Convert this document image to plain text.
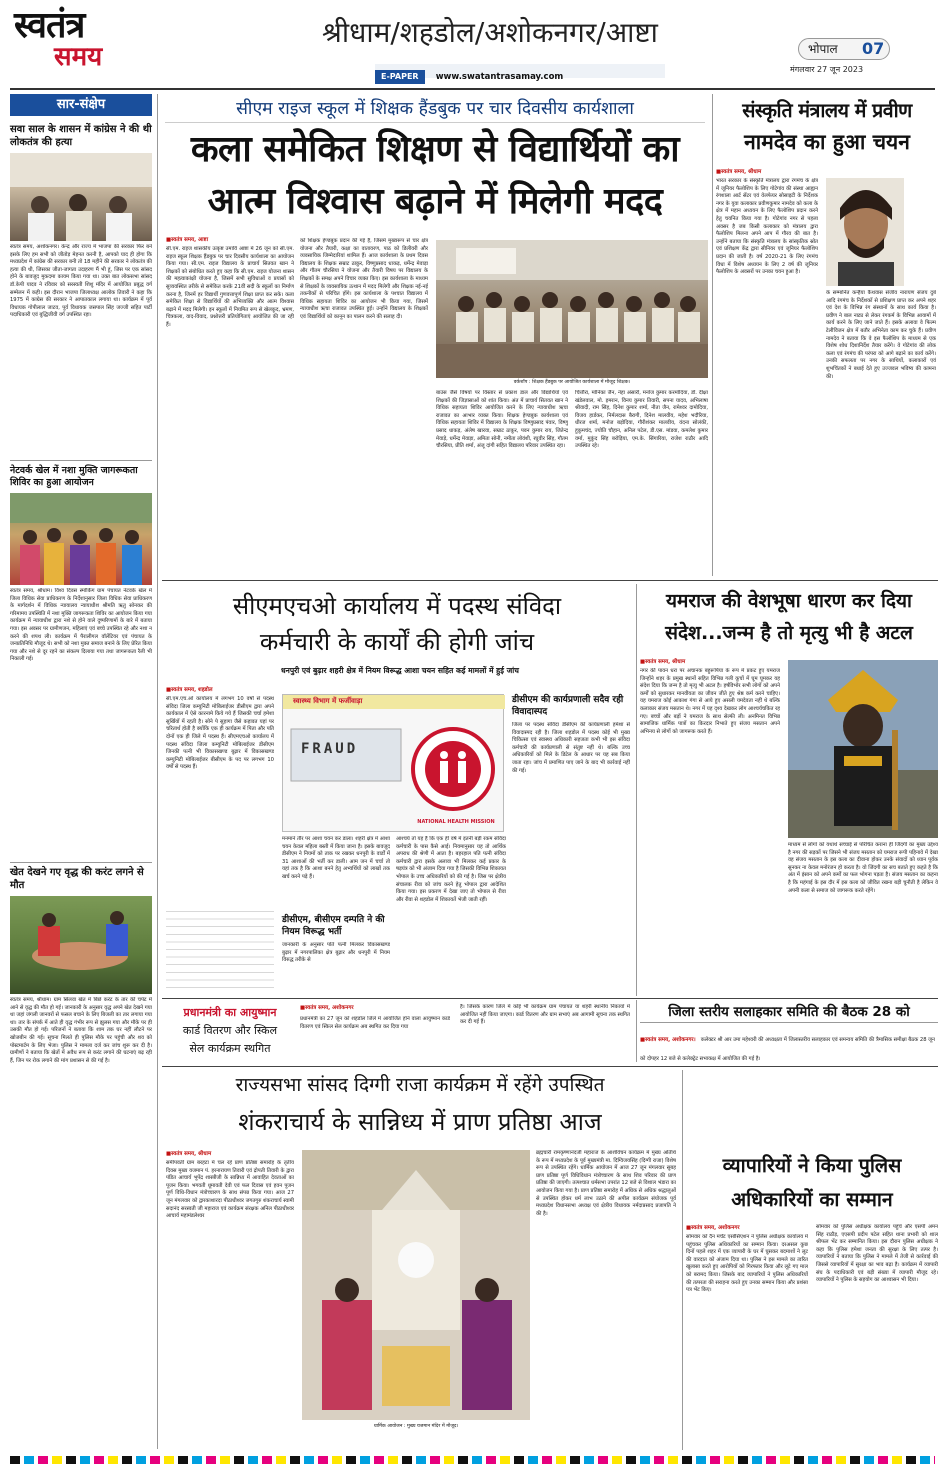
स्वतंत्र
समय
श्रीधाम/शहडोल/अशोकनगर/आष्टा
E-PAPER www.swatantrasamay.com
भोपाल 07
मंगलवार 27 जून 2023
सार-संक्षेप
सवा साल के शासन में कांग्रेस ने की थी लोकतंत्र की हत्या
स्वतंत्र समय, अशोकनगर। केन्द्र और राज्य में भाजपा की सरकार फिर बने इसके लिए हम सभी को जीतोड़ मेहनत करनी है, आपको याद ही होगा कि मध्यप्रदेश में कांग्रेस की सरकार बनी तो 18 महीने की सरकार ने लोकतंत्र की हत्या की थी, जिसका जीता-जागता उदाहरण मैं भी हूं, जिस पर एक सांसद होने के बावजूद मुकदमा कायम किया गया था। उक्त बात लोकसभा सांसद डॉ.केपी यादव ने रविवार को सरस्वती शिशु मंदिर में आयोजित प्रबुद्ध वर्ग सम्मेलन में कही। इस दौरान भाजपा जिलाध्यक्ष आलोक तिवारी ने कहा कि 1975 में काग्रेस की सरकार ने आपातकाल लगाया था। कार्यक्रम में पूर्व विधायक गोपीलाल जाटव, पूर्व विधायक जसपाल सिंह जज्जी सहित पार्टी पदाधिकारी एवं बुद्धिजीवी वर्ग उपस्थित रहा।
नेटवर्क खेल में नशा मुक्ति जागरूकता शिविर का हुआ आयोजन
स्वतंत्र समय, श्रीधाम। विश्व दिवस स्मोकिंग ग्राम पंचायत नेटवर्क खेल में जिला विधिक सेवा प्राधिकरण के निर्देशानुसार जिला विधिक सेवा प्राधिकरण के मार्गदर्शन में विधिक न्यायालय न्यायाधीश श्रीमति ऋतु सोनकर की गरिमामय उपस्थिति में नशा मुक्ति जागरूकता शिविर का आयोजन किया गया कार्यक्रम में न्यायाधीश द्वारा नशे से होने वाले दुष्परिणामों के बारे में बताया गया। इस अवसर पर ग्रामीणजन, महिलाएं एवं बच्चे उपस्थित रहे और नशा न करने की शपथ ली। कार्यक्रम में पैरालीगल वॉलेंटियर एवं पंचायत के जनप्रतिनिधि मौजूद थे। सभी को नशा मुक्त समाज बनाने के लिए प्रेरित किया गया और नशे से दूर रहने का संकल्प दिलाया गया तथा जागरूकता रैली भी निकाली गई।
खेत देखने गए वृद्ध की करंट लगने से मौत
स्वतंत्र समय, श्रीधाम। ग्राम सिलवा खेत में बिछे करंट के तार की चपेट में आने से वृद्ध की मौत हो गई। जानकारी के अनुसार वृद्ध अपने खेत देखने गया था जहां जंगली जानवरों से फसल बचाने के लिए बिजली का तार लगाया गया था। तार के संपर्क में आते ही वृद्ध गंभीर रूप से झुलस गया और मौके पर ही उसकी मौत हो गई। परिजनों ने बताया कि शाम तक घर नहीं लौटने पर खोजबीन की गई। सूचना मिलते ही पुलिस मौके पर पहुंची और शव को पोस्टमार्टम के लिए भेजा। पुलिस ने मामला दर्ज कर जांच शुरू कर दी है। ग्रामीणों ने बताया कि खेतों में अवैध रूप से करंट लगाने की घटनाएं बढ़ रही हैं, जिन पर रोक लगाने की मांग प्रशासन से की गई है।
सीएम राइज स्कूल में शिक्षक हैंडबुक पर चार दिवसीय कार्यशाला
कला समेकित शिक्षण से विद्यार्थियों का
आत्म विश्वास बढ़ाने में मिलेगी मदद
■ स्वतंत्र समय, आष्टा
सी.एम. राइज शासकीय उत्कृष्ट उमावि आष्टा में 26 जून को सी.एम. राइज स्कूल शिक्षक हैंडबुक पर चार दिवसीय कार्यशाला का आयोजन किया गया। सी.एम. राइज विद्यालय के प्राचार्य सितवत खान ने शिक्षकों को संबोधित करते हुए कहा कि सी.एम. राइज योजना शासन की महत्वाकांक्षी योजना है, जिसमें सभी सुविधाओं व प्रयासों को सुव्यवस्थित तरीके से समेकित करके 21वीं सदी के स्कूलों का निर्माण करना है, जिनमें हर विद्यार्थी गुणवत्तापूर्ण शिक्षा प्राप्त कर सके। कला समेकित शिक्षा से विद्यार्थियों की अभिव्यक्ति और आत्म विश्वास बढ़ाने में मदद मिलेगी। इन स्कूलों में नियमित रूप से खेलकूद, भ्रमण, चित्रकला, वाद-विवाद, प्रश्नोत्तरी प्रतियोगिताएं आयोजित की जा रही हैं।
को शिक्षक हेण्डबुक प्रदान की गई है, जिसमें मुख्यरूप से चार क्षेत्र योजना और तैयारी, कक्षा का वातावरण, पाठ को डिलीवरी और व्यवसायिक जिम्मेदारियां शामिल हैं। आज कार्यशाला के प्रथम दिवस विद्यालय के शिक्षक सम्राट ठाकुर, विष्णुप्रसाद धाकड़, धर्मेन्द्र मेवाड़ा और गौतम चौरसिया ने योजना और तैयारी विषय पर विद्यालय के शिक्षकों के समक्ष अपने विचार व्यक्त किए। इस कार्यशाला के माध्यम से शिक्षकों के व्यवसायिक उत्थान में मदद मिलेगी और शिक्षक नई-नई तकनीकों से परिचित होंगे। इस कार्यशाला के पश्चात विद्यालय में विधिक सहायता शिविर का आयोजन भी किया गया, जिसमें न्यायाधीश ऋचा राजावत उपस्थित हुईं। उन्होंने विद्यालय के शिक्षकों एवं विद्यार्थियों को कानून का पालन करने की सलाह दी।
वर्कशॉप : शिक्षक हैंडबुक पर आयोजित कार्यशाला में मौजूद शिक्षक।
बाउंस जैसे विषयों पर विस्तार से प्रकाश डाल और विद्यार्थियों एवं शिक्षकों की जिज्ञासाओं को शांत किया। अंत में प्राचार्य सितवत खान ने विधिक सहायता शिविर आयोजित करने के लिए न्यायाधीश ऋचा राजावत का आभार व्यक्त किया। शिक्षक हेण्डबुक कार्यशाला एवं विधिक सहायता शिविर में विद्यालय के शिक्षक विष्णुप्रसाद पंवार, विष्णु प्रसाद धाकड़, अंलेष खारवा, सम्राट ठाकुर, पवन कुमार राय, जितेन्द्र मेवाड़े, धर्मेन्द्र मेवाड़ा, अमिता सोनी, नमीता लोवंशी, रघुवीर सिंह, गौतम चौरसिया, प्रीति शर्मा, अंजू दांगी सहित विद्यालय परिवार उपस्थित रहा।
चित्तौरा, मोनिका जैन, नेहा अंसारी, मनोज कुमार करमोदिया, डॉ. दीक्षा खंडेलवाल, मो. इमरान, विनय कुमार तिवारी, सपना यादव, अभिलाषा श्रीवादी, राम सिंह, दिनेश कुमार शर्मा, नीता जैन, रामेश्वर दामोदिया, विजय हार्डकर, निर्मलदास बैरागी, दिनेश मालवीय, महेश भदौरिया, धीरज शर्मा, मनोज बड़ोदिया, गौरीशंकर मालवीय, वंदना सोलंकी, हुकुमचंद, ज्योति चौहान, अनिल पटेल, डी.एस. मांडवा, कमलेश कुमार वर्मा, मुकुंद सिंह बरोड़िया, एम.के. सिंगारिया, राजेश राठौर आदि उपस्थित रहे।
संस्कृति मंत्रालय में प्रवीण
नामदेव का हुआ चयन
■ स्वतंत्र समय, श्रीधाम
भारत सरकार के संस्कृति मंत्रालय द्वारा रंगमंच के क्षेत्र में जूनियर फैलोशिप के लिए गोटेगांव की संस्था आह्वान रंगशाला आर्ट सेंटर एवं वेलफेयर सोसाइटी के निर्देशक नगर के युवा कलाकार प्रवीणकुमार नामदेव को कला के क्षेत्र में महान अध्ययन के लिए फैलोशिप प्रदान करने हेतु चयनित किया गया है। गोटेगांव नगर से पहला अवसर है जब किसी कलाकार को मंत्रालय द्वारा फैलोशिप मिलना अपने आप में गौरव की बात है। उन्होंने बताया कि संस्कृति मंत्रालय के सांस्कृतिक स्रोत एवं प्रशिक्षण केंद्र द्वारा सीनियर एवं जूनियर फैलोशिप प्रदान की जाती है। वर्ष 2020-21 के लिए रंगमंच विधा में विशेष अध्ययन के लिए 2 वर्ष की जूनियर फैलोशिप के अवसरों पर उनका चयन हुआ है।
के सम्मानित कन्हैया कैथवास संजीव नारायण संजय दुबे आदि रंगमंच के निर्देशकों से प्रशिक्षण प्राप्त कर अपने शहर एवं देश के विभिन्न रंग संस्थानों के साथ कार्य किया है। प्रवीण ने बाल नाट्य से लेकर रंगकर्म के विभिन्न आयामों में कार्य करने के लिए जाने जाते हैं। इसके अलावा वे फिल्म टेलीविजन क्षेत्र में बतौर अभिनेता काम कर चुके हैं। प्रवीण नामदेव ने बताया कि वे इस फैलोशिप के माध्यम से एक विशेष शोध दिशानिर्देश तैयार करेंगे। वे गोटेगांव की लोक कला एवं रंगमंच की परंपरा को आगे बढ़ाने का कार्य करेंगे। उनकी सफलता पर नगर के साथियों, कलाकारों एवं शुभचिंतकों ने बधाई देते हुए उज्जवल भविष्य की कामना की।
सीएमएचओ कार्यालय में पदस्थ संविदा
कर्मचारी के कार्यों की होगी जांच
धनपुरी एवं बुढ़ार शहरी क्षेत्र में नियम विरूद्ध आशा चयन सहित कई मामलों में हुई जांच
■ स्वतंत्र समय, शहडोल
सी.एम.एच.ओ कार्यालय में लगभग 10 वर्षों से पदस्थ संविदा जिला कम्युनिटी मोबिलाईजर डीसीएम द्वारा अपने कार्यकाल में ऐसे कारनामे किये गये हैं जिसकी चर्चा हमेशा सुर्खियों में रहती है। सोने पे सुहागा जैसे कहावत यहां पर चरितार्थ होती है क्योंकि एक ही कार्यक्रम में पिता और पति दोनों एक ही जिले में पदस्थ हैं। सीएमएचओ कार्यालय में पदस्थ संविदा जिला कम्युनिटी मोबिलाईजर डीसीएम जिनकी पत्नी भी विकासखण्ड बुढ़ार में विकासखण्ड कम्युनिटी मोबिलाईजर बीसीएम के पद पर लगभग 10 वर्षों से पदस्थ हैं।
स्वास्थ्य विभाग में फर्जीवाड़ा
FRAUD
NATIONAL HEALTH MISSION
मनमाने तौर पर आशा चयन कर डाला। शहरी क्षेत्र में आशा चयन केवल महिला बस्ती में किया जाना है। इसके बावजूद डीसीएम ने नियमों को ताक पर रखकर धनपुरी के वार्डों में 31 आशाओं की भर्ती कर डाली। आम जन में चर्चा तो यहां तक है कि आशा बनने हेतु अभ्यर्थियों को लाखों तक खर्च करने पड़े हैं।
डीसीएम, बीसीएम दम्पति ने की नियम विरूद्ध भर्ती
जानकारी के अनुसार पति पत्नी मिलकर विकासखण्ड बुढ़ार में नगरपालिका क्षेत्र बुढ़ार और धनपुरी में नियम विरुद्ध तरीके से
आश्चर्य तो यह है कि एक ही वर्ष में इतनी बड़ी रकम संविदा कर्मचारी के पास कैसे आई। नियमानुसार यह तो आर्थिक अपराध की श्रेणी में आता है। बहरहाल पति पत्नी संविदा कर्मचारी द्वारा इसके अलावा भी मिलकर कई प्रकार के षड़यंत्र को भी अंजाम दिया गया है जिसकी विभिन्न शिकायत भोपाल के उच्च अधिकारियों को की गई है। जिस पर क्षेत्रीय संचालक रीवा को जांच करने हेतु भोपाल द्वारा आदेशित किया गया। इस प्रकरण में देखा जाए तो भोपाल से रीवा और रीवा से शहडोल में शिकायतें भेजी जाती रहीं।
डीसीएम की कार्यप्रणाली सदैव रही विवादास्पद
जिला पर पदस्थ संविदा डीसीएम की कार्यप्रणाली हमेशा से विवादास्पद रही है। जिला शहडोल में पदस्थ कोई भी मुख्य चिकित्सा एवं स्वास्थ्य अधिकारी सहजता कभी भी इस संविदा कर्मचारी की कार्यप्रणाली से संतुष्ट नहीं थे। बल्कि उच्च अधिकारियों को मिले के डिटेल के आधार पर यह सब किया जाता रहा। जांच में प्रमाणित पाए जाने के बाद भी कार्रवाई नहीं की गई।
यमराज की वेशभूषा धारण कर दिया
संदेश...जन्म है तो मृत्यु भी है अटल
■ स्वतंत्र समय, श्रीधाम
नगर की पावन धरा पर अचानक बहुरूपिया के रूप में प्रकट हुए यमराज जिन्होंने शहर के प्रमुख स्थानों सहित विभिन्न गली कूचों में घूम घूमकर यह संदेश दिया कि जन्म है तो मृत्यु भी अटल है। हर्षविभोर सभी लोगों को अपने कर्मों को सुधारकर मानवीयता का जीवन जीते हुए श्रेष्ठ कर्म करने चाहिए। यह यमराज कोई आकाश गंगा से आये हुए असली यमदेवता नहीं थे बल्कि कलाकार संजय मसतान थे। नगर में यह दृश्य देखकर लोग आश्चर्यचकित रह गए। बच्चों और बड़ों ने यमराज के साथ सेल्फी ली। अनमिनत विभिन्न सामाजिक धार्मिक पात्रों का किरदार निभाते हुए संजय मसतान अपने अभिनय से लोगों को जागरूक करते हैं।
माध्यम से लोगों को यथार्थ सच्चाई से परिचित कराना ही जिंदगी का मुख्य उद्देश्य है नगर की सड़कों पर जिसने भी संजय मसतान को यमराज रूपी पहिनावे में देखा वह संजय मसतान के इस कला का दीवाना होकर उनके संवादों को ध्यान पूर्वक सुनकर ना केवल मनोरंजन हो करता है। वो जिंदगी का सच बताते हुए कहते है कि अंत में इंसान को अपने कर्मों का फल भोगना पड़ता है। संजय मसतान का कहना है कि महंगाई के इस दौर में इस कला को जीवित रखना बड़ी चुनौती है लेकिन वे अपनी कला से समाज को जागरूक करते रहेंगे।
प्रधानमंत्री का आयुष्मान
कार्ड वितरण और स्किल
सेल कार्यक्रम स्थगित
■ स्वतंत्र समय, अशोकनगर
प्रधानमंत्री का 27 जून को शहडोल जिले में आयोजित होने वाला आयुष्मान कार्ड वितरण एवं स्किल सेल कार्यक्रम अब स्थगित कर दिया गया
है। जिसके कारण जिले में कोई भी कार्यक्रम ग्राम पंचायत या शहरी स्थानीय निकायों में आयोजित नहीं किया जाएगा। कार्ड वितरण और ग्राम सभाएं अब आगामी सूचना तक स्थगित कर दी गई हैं।
जिला स्तरीय सलाहकार समिति की बैठक 28 को
■ स्वतंत्र समय, अशोकनगर। कलेक्टर श्री आर उमा महेश्वरी की अध्यक्षता में जिलास्तरीय सलाहकार एवं समन्वय समिति की त्रैमासिक समीक्षा बैठक 28 जून को दोपहर 12 बजे से कलेक्ट्रेट सभाकक्ष में आयोजित की गई है।
राज्यसभा सांसद दिग्गी राजा कार्यक्रम में रहेंगे उपस्थित
शंकराचार्य के सान्निध्य में प्राण प्रतिष्ठा आज
■ स्वतंत्र समय, श्रीधाम
समीपवर्ती ग्राम बरहटा में चल रहे प्राण प्रतिष्ठा समारोह के तृतीय दिवस मुख्य यजमान पं. हरनारायण तिवारी एवं द्रोपती तिवारी के द्वारा पंडित आचार्य भूपेंद्र शास्त्रीजी के सान्निध्य में आवाहित देवताओं का पूजन किया। भगवती धूमावती देवी एवं फल दिवास एवं हवन पूजन पूर्ण विधि-विधान मंत्रोच्चारण के साथ संपन्न किया गया। आज 27 जून मंगलवार को द्वारकाशारदा पीठाधीश्वर जगतगुरु शंकराचार्य स्वामी सदानंद सरस्वती जी महाराज एवं कार्यक्रम संरक्षक अनिल पीठाधीश्वर आचार्य महामंडलेश्वर
धार्मिक आयोजन : मुख्य यजमान मंदिर में मौजूद।
ब्रह्मचारी रामकृष्णानंदजी महाराज के आशीर्वचन कार्यक्रम में मुख्य अतिथि के रूप में मध्यप्रदेश के पूर्व मुख्यमंत्री मा. दिग्विजयसिंह (दिग्गी राजा) विशेष रूप से उपस्थित रहेंगे। धार्मिक आयोजन में आज 27 जून मंगलवार सुबह प्राण प्रतिष्ठा पूर्ण विधिविधान मंत्रोच्चारण के साथ शिव परिवार की प्राण प्रतिष्ठा की जाएगी। तत्पश्चात धर्मसभा उपरांत 12 बजे से विशाल भंडारा का आयोजन किया गया है। प्राण प्रतिष्ठा समारोह में अधिक से अधिक श्रद्धालुओं से उपस्थित होकर धर्म लाभ उठाने की अपील कार्यक्रम संयोजक पूर्व मध्यप्रदेश विधानसभा अध्यक्ष एवं क्षेत्रीय विधायक नर्मदाप्रसाद प्रजापति ने की है।
व्यापारियों ने किया पुलिस
अधिकारियों का सम्मान
■ स्वतंत्र समय, अशोकनगर
सोमवार को दैन मर्चेंट एसोसिएशन ने पुलिस अधीक्षक कार्यालय में पहुंचकर पुलिस अधिकारियों का सम्मान किया। दरअसल कुछ दिनों पहले शहर में एक व्यापारी के घर में घुसकर बदमाशों ने लूट की वारदात को अंजाम दिया था। पुलिस ने इस मामले का त्वरित खुलासा करते हुए आरोपियों को गिरफ्तार किया और लूटे गए माल को बरामद किया। जिसके बाद व्यापारियों ने पुलिस अधिकारियों की तत्परता की सराहना करते हुए उनका सम्मान किया और प्रशंसा पत्र भेंट किए।
सोमवार को पुलिस अधीक्षक कार्यालय पहुंचे और एसपी अमन सिंह राठौड़, एएसपी प्रदीप पटेल सहित थाना प्रभारी को शाल श्रीफल भेंट कर सम्मानित किया। इस दौरान पुलिस अधीक्षक ने कहा कि पुलिस हमेशा जनता की सुरक्षा के लिए तत्पर है। व्यापारियों ने बताया कि पुलिस ने मामले में तेजी से कार्रवाई की जिससे व्यापारियों में सुरक्षा का भाव बढ़ा है। कार्यक्रम में व्यापारी संघ के पदाधिकारी एवं बड़ी संख्या में व्यापारी मौजूद रहे। व्यापारियों ने पुलिस के सहयोग का आश्वासन भी दिया।
